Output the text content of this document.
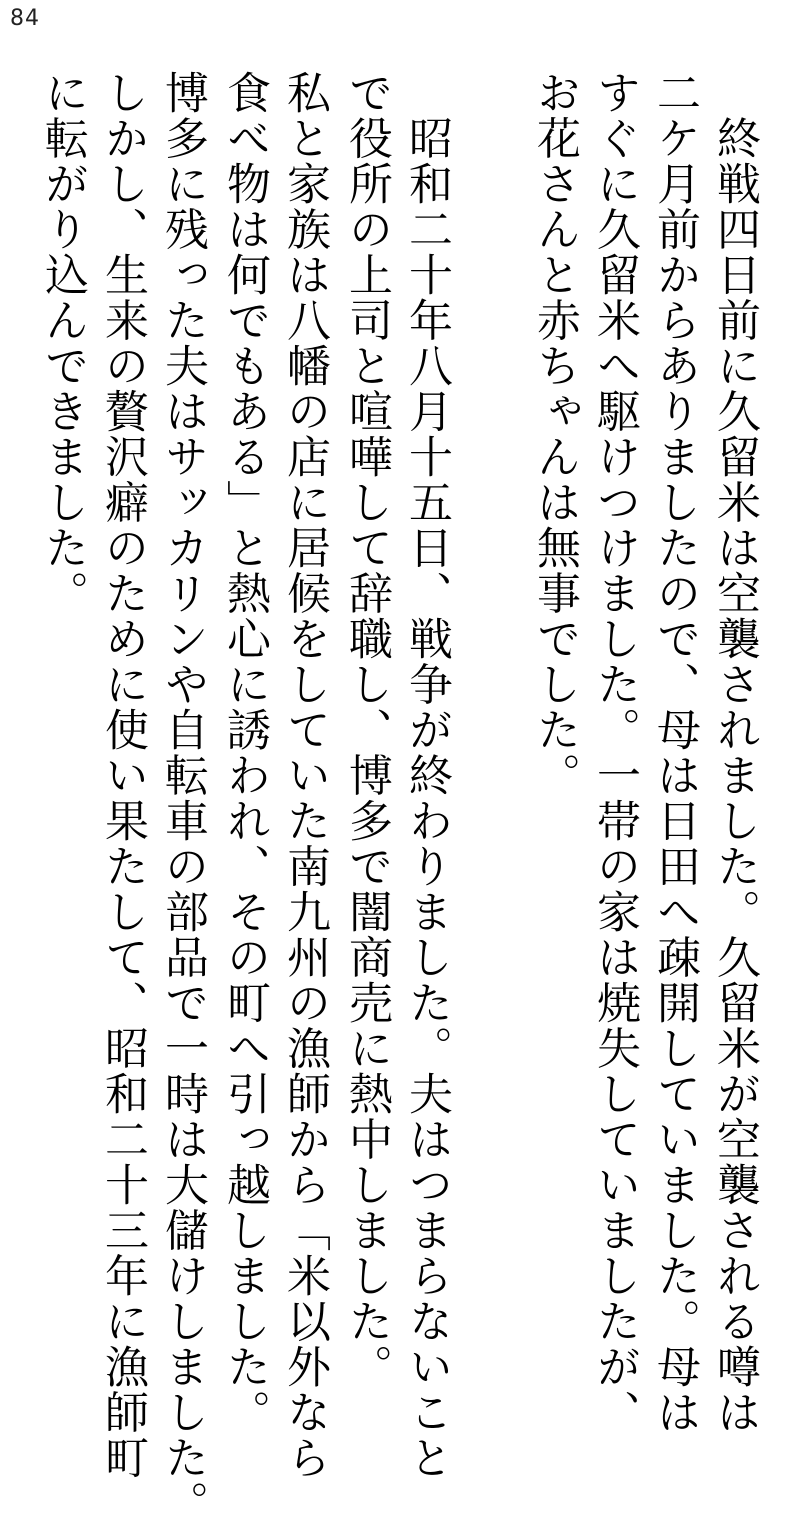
84
　終戦四日前に久留米は空襲されました。久留米が空襲される噂は
二ケ月前からありましたので、母は日田へ疎開していました。母は
すぐに久留米へ駆けつけました。一帯の家は焼失していましたが、
お花さんと赤ちゃんは無事でした。
　昭和二十年八月十五日、戦争が終わりました。夫はつまらないこと
で役所の上司と喧嘩して辞職し、博多で闇商売に熱中しました。
私と家族は八幡の店に居候をしていた南九州の漁師から「米以外なら
食べ物は何でもある」と熱心に誘われ、その町へ引っ越しました。
博多に残った夫はサッカリンや自転車の部品で一時は大儲けしました。
しかし、生来の贅沢癖のために使い果たして、昭和二十三年に漁師町
に転がり込んできました。
